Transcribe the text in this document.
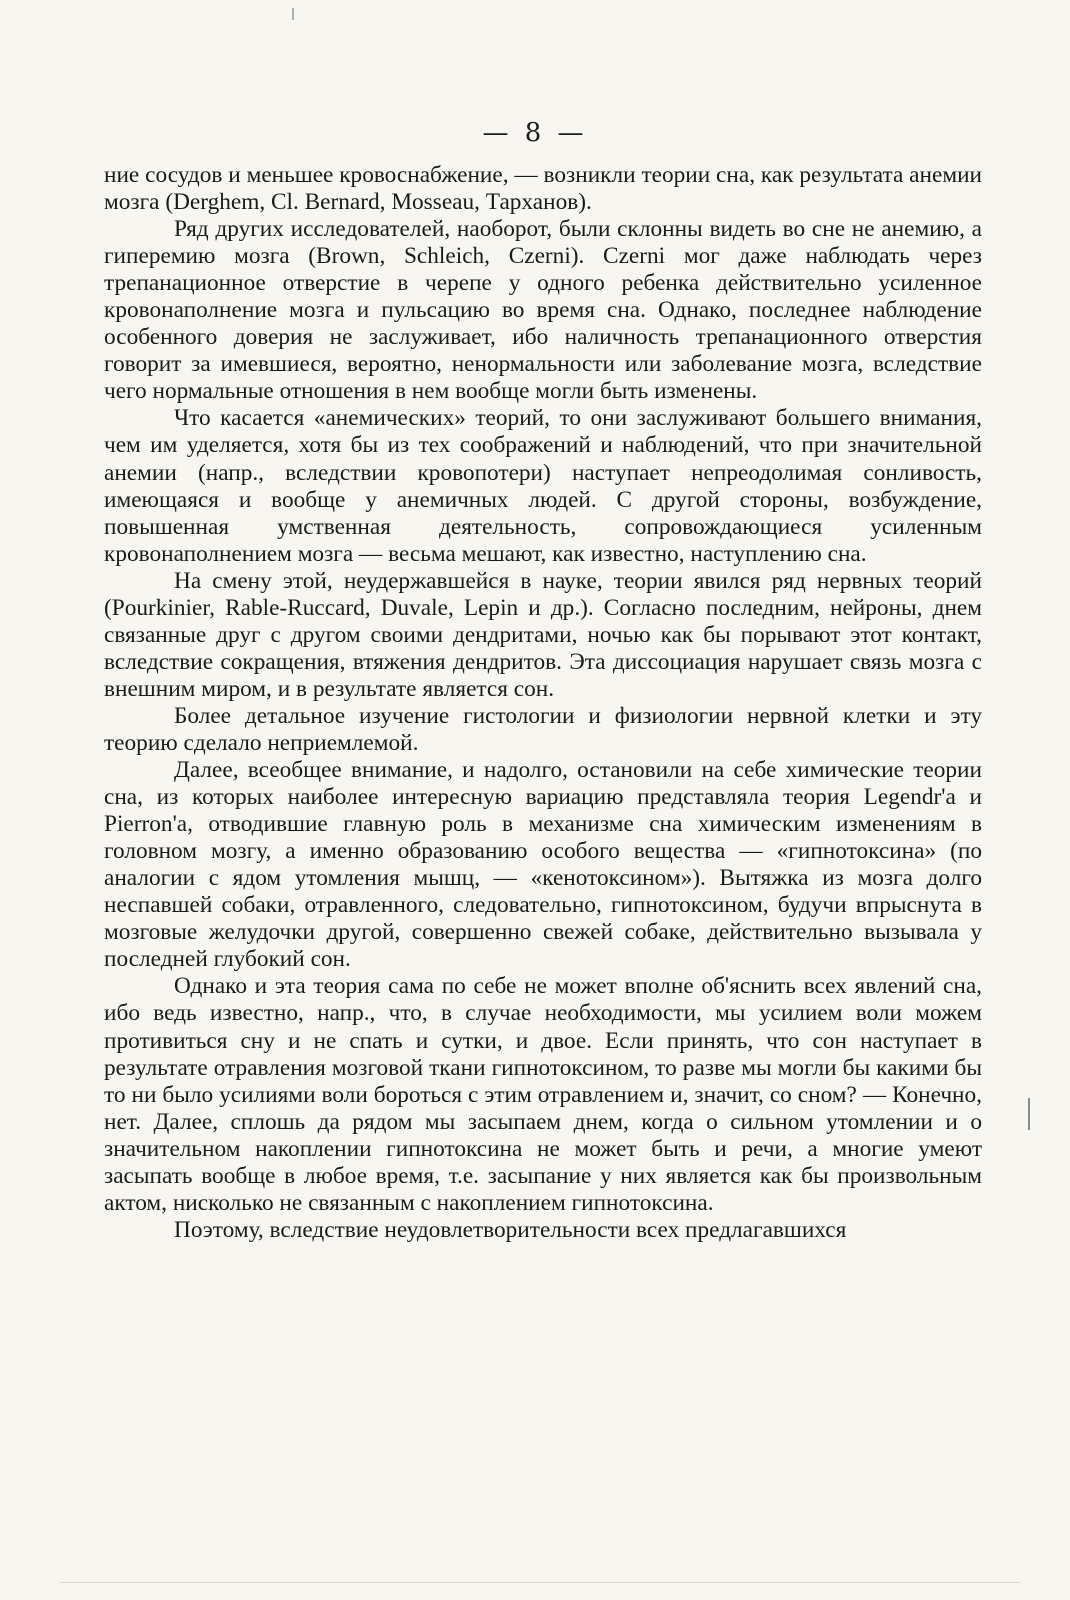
— 8 —

ние сосудов и меньшее кровоснабжение, — возникли теории сна, как результата анемии мозга (Derghem, Cl. Bernard, Mosseau, Тарханов).

Ряд других исследователей, наоборот, были склонны видеть во сне не анемию, а гиперемию мозга (Brown, Schleich, Czerni). Czerni мог даже наблюдать через трепанационное отверстие в черепе у одного ребенка действительно усиленное кровонаполнение мозга и пульсацию во время сна. Однако, последнее наблюдение особенного доверия не заслуживает, ибо наличность трепанационного отверстия говорит за имевшиеся, вероятно, ненормальности или заболевание мозга, вследствие чего нормальные отношения в нем вообще могли быть изменены.

Что касается «анемических» теорий, то они заслуживают большего внимания, чем им уделяется, хотя бы из тех соображений и наблюдений, что при значительной анемии (напр., вследствии кровопотери) наступает непреодолимая сонливость, имеющаяся и вообще у анемичных людей. С другой стороны, возбуждение, повышенная умственная деятельность, сопровождающиеся усиленным кровонаполнением мозга — весьма мешают, как известно, наступлению сна.

На смену этой, неудержавшейся в науке, теории явился ряд нервных теорий (Pourkinier, Rable-Ruccard, Duvale, Lepin и др.). Согласно последним, нейроны, днем связанные друг с другом своими дендритами, ночью как бы порывают этот контакт, вследствие сокращения, втяжения дендритов. Эта диссоциация нарушает связь мозга с внешним миром, и в результате является сон.

Более детальное изучение гистологии и физиологии нервной клетки и эту теорию сделало неприемлемой.

Далее, всеобщее внимание, и надолго, остановили на себе химические теории сна, из которых наиболее интересную вариацию представляла теория Legendr'a и Pierron'a, отводившие главную роль в механизме сна химическим изменениям в головном мозгу, а именно образованию особого вещества — «гипнотоксина» (по аналогии с ядом утомления мышц, — «кенотоксином»). Вытяжка из мозга долго неспавшей собаки, отравленного, следовательно, гипнотоксином, будучи впрыснута в мозговые желудочки другой, совершенно свежей собаке, действительно вызывала у последней глубокий сон.

Однако и эта теория сама по себе не может вполне об'яснить всех явлений сна, ибо ведь известно, напр., что, в случае необходимости, мы усилием воли можем противиться сну и не спать и сутки, и двое. Если принять, что сон наступает в результате отравления мозговой ткани гипнотоксином, то разве мы могли бы какими бы то ни было усилиями воли бороться с этим отравлением и, значит, со сном? — Конечно, нет. Далее, сплошь да рядом мы засыпаем днем, когда о сильном утомлении и о значительном накоплении гипнотоксина не может быть и речи, а многие умеют засыпать вообще в любое время, т.е. засыпание у них является как бы произвольным актом, нисколько не связанным с накоплением гипнотоксина.

Поэтому, вследствие неудовлетворительности всех предлагавшихся
